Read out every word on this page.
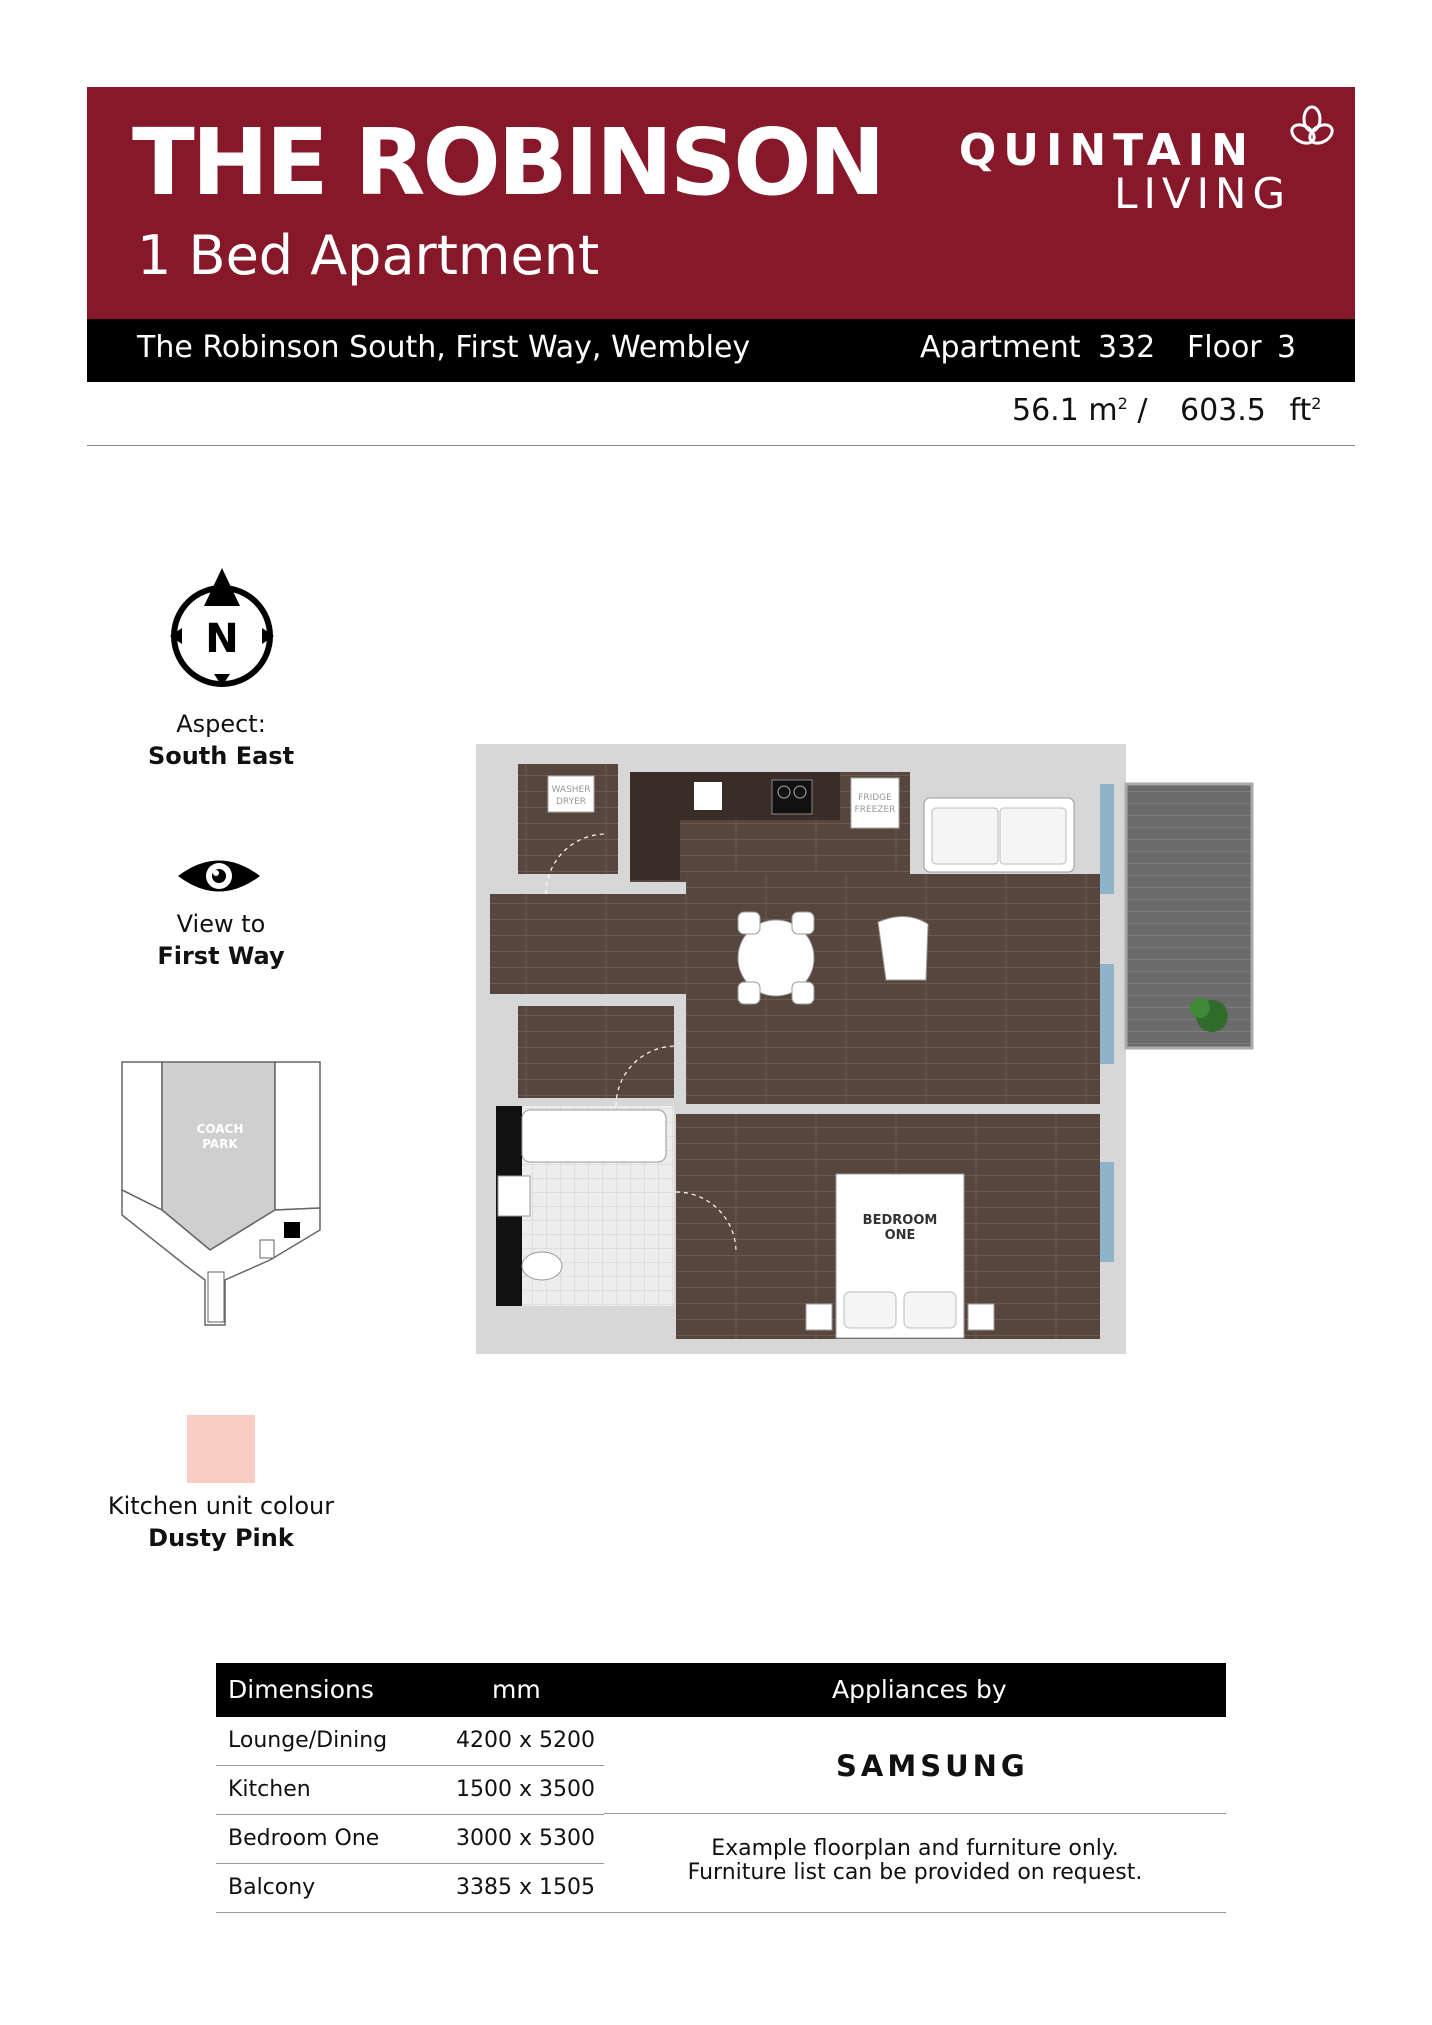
THE ROBINSON
1 Bed Apartment
QUINTAIN
LIVING
The Robinson South, First Way, Wembley	Apartment 332 Floor 3
56.1 $m^2 / 603.5$ $ft^2$
N
Aspect:
South East
View to
First Way
COACH
PARK
Kitchen unit colour
Dusty Pink
FRIDGE
FREEZER
WASHER
DRYER
BEDROOM
ONE
Dimensions	mm	Appliances by
Lounge/Dining	4200 x 5200
Kitchen	1500 x 3500
Bedroom One	3000 x 5300
Balcony	3385 x 1505
SAMSUNG
Example floorplan and furniture only.
Furniture list can be provided on request.
